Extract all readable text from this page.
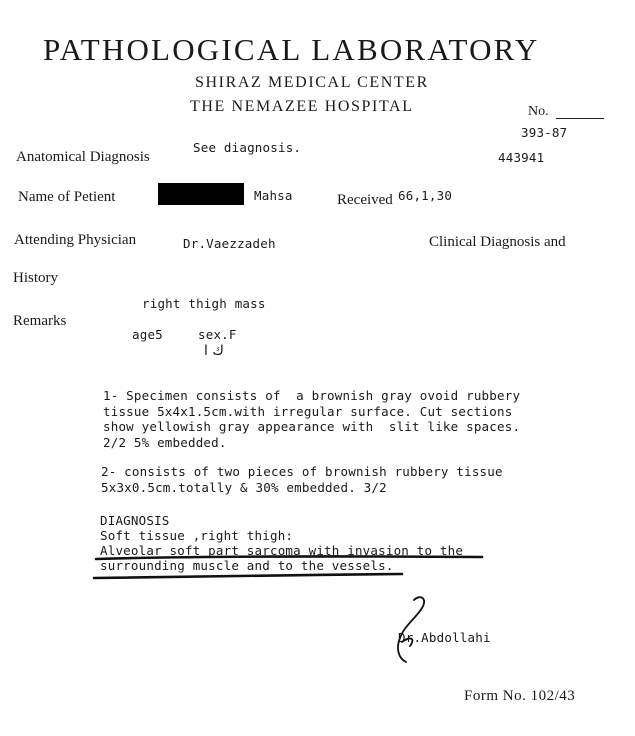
PATHOLOGICAL LABORATORY
SHIRAZ MEDICAL CENTER
THE NEMAZEE HOSPITAL	No.
393-87
443941
Anatomical Diagnosis
See diagnosis.
Name of Petient	Mahsa	Received 66,1,30
Attending Physician	Dr.Vaezzadeh	Clinical Diagnosis and
History
right thigh mass
Remarks
age5	sex.F
ك ا
1- Specimen consists of  a brownish gray ovoid rubbery
tissue 5x4x1.5cm.with irregular surface. Cut sections
show yellowish gray appearance with  slit like spaces.
2/2 5% embedded.
2- consists of two pieces of brownish rubbery tissue
5x3x0.5cm.totally & 30% embedded. 3/2
DIAGNOSIS
Soft tissue ,right thigh:
Alveolar soft part sarcoma with invasion to the
surrounding muscle and to the vessels.
Dr.Abdollahi
Form No. 102/43
